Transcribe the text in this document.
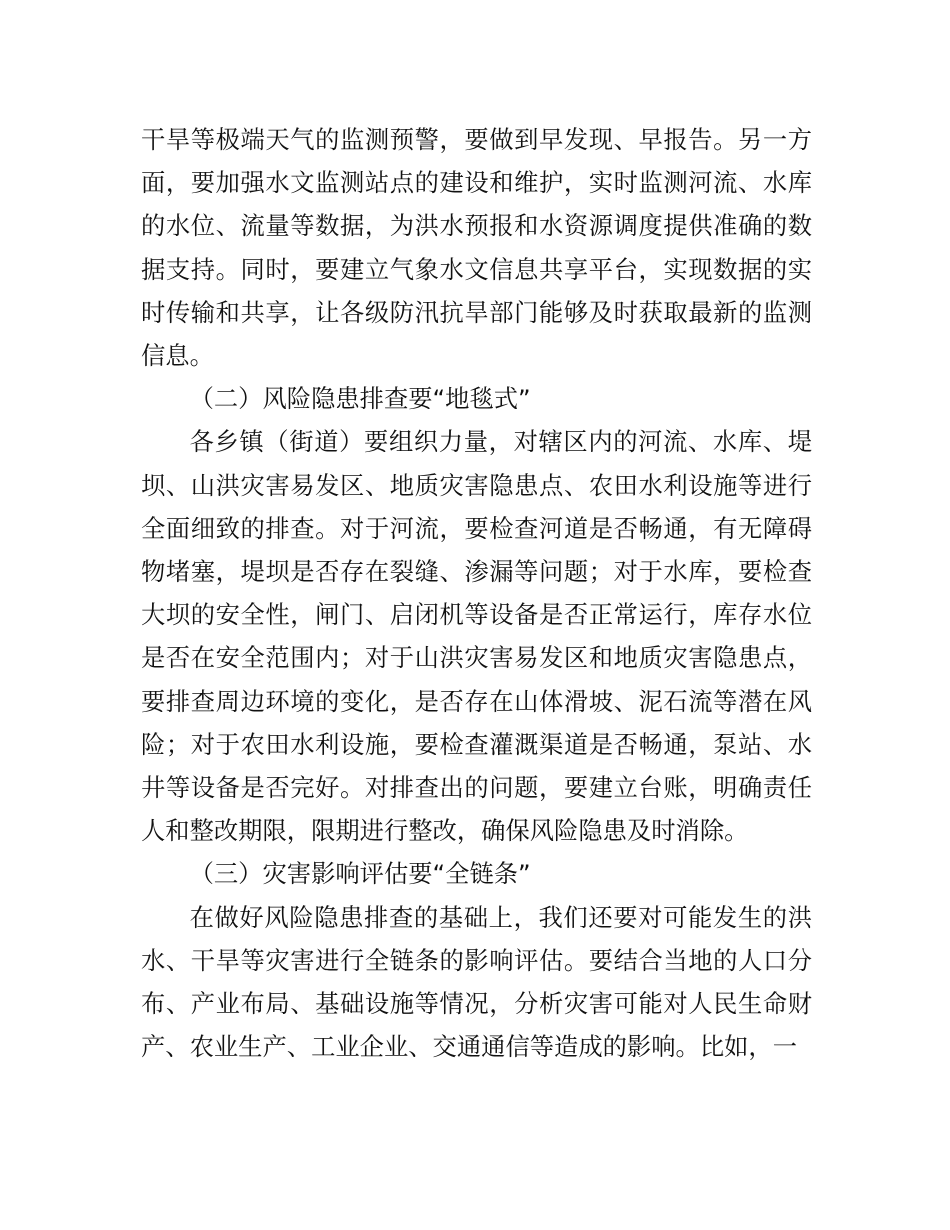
干旱等极端天气的监测预警，要做到早发现、早报告。另一方面，要加强水文监测站点的建设和维护，实时监测河流、水库的水位、流量等数据，为洪水预报和水资源调度提供准确的数据支持。同时，要建立气象水文信息共享平台，实现数据的实时传输和共享，让各级防汛抗旱部门能够及时获取最新的监测信息。

（二）风险隐患排查要“地毯式”

各乡镇（街道）要组织力量，对辖区内的河流、水库、堤坝、山洪灾害易发区、地质灾害隐患点、农田水利设施等进行全面细致的排查。对于河流，要检查河道是否畅通，有无障碍物堵塞，堤坝是否存在裂缝、渗漏等问题；对于水库，要检查大坝的安全性，闸门、启闭机等设备是否正常运行，库存水位是否在安全范围内；对于山洪灾害易发区和地质灾害隐患点，要排查周边环境的变化，是否存在山体滑坡、泥石流等潜在风险；对于农田水利设施，要检查灌溉渠道是否畅通，泵站、水井等设备是否完好。对排查出的问题，要建立台账，明确责任人和整改期限，限期进行整改，确保风险隐患及时消除。

（三）灾害影响评估要“全链条”

在做好风险隐患排查的基础上，我们还要对可能发生的洪水、干旱等灾害进行全链条的影响评估。要结合当地的人口分布、产业布局、基础设施等情况，分析灾害可能对人民生命财产、农业生产、工业企业、交通通信等造成的影响。比如，一
